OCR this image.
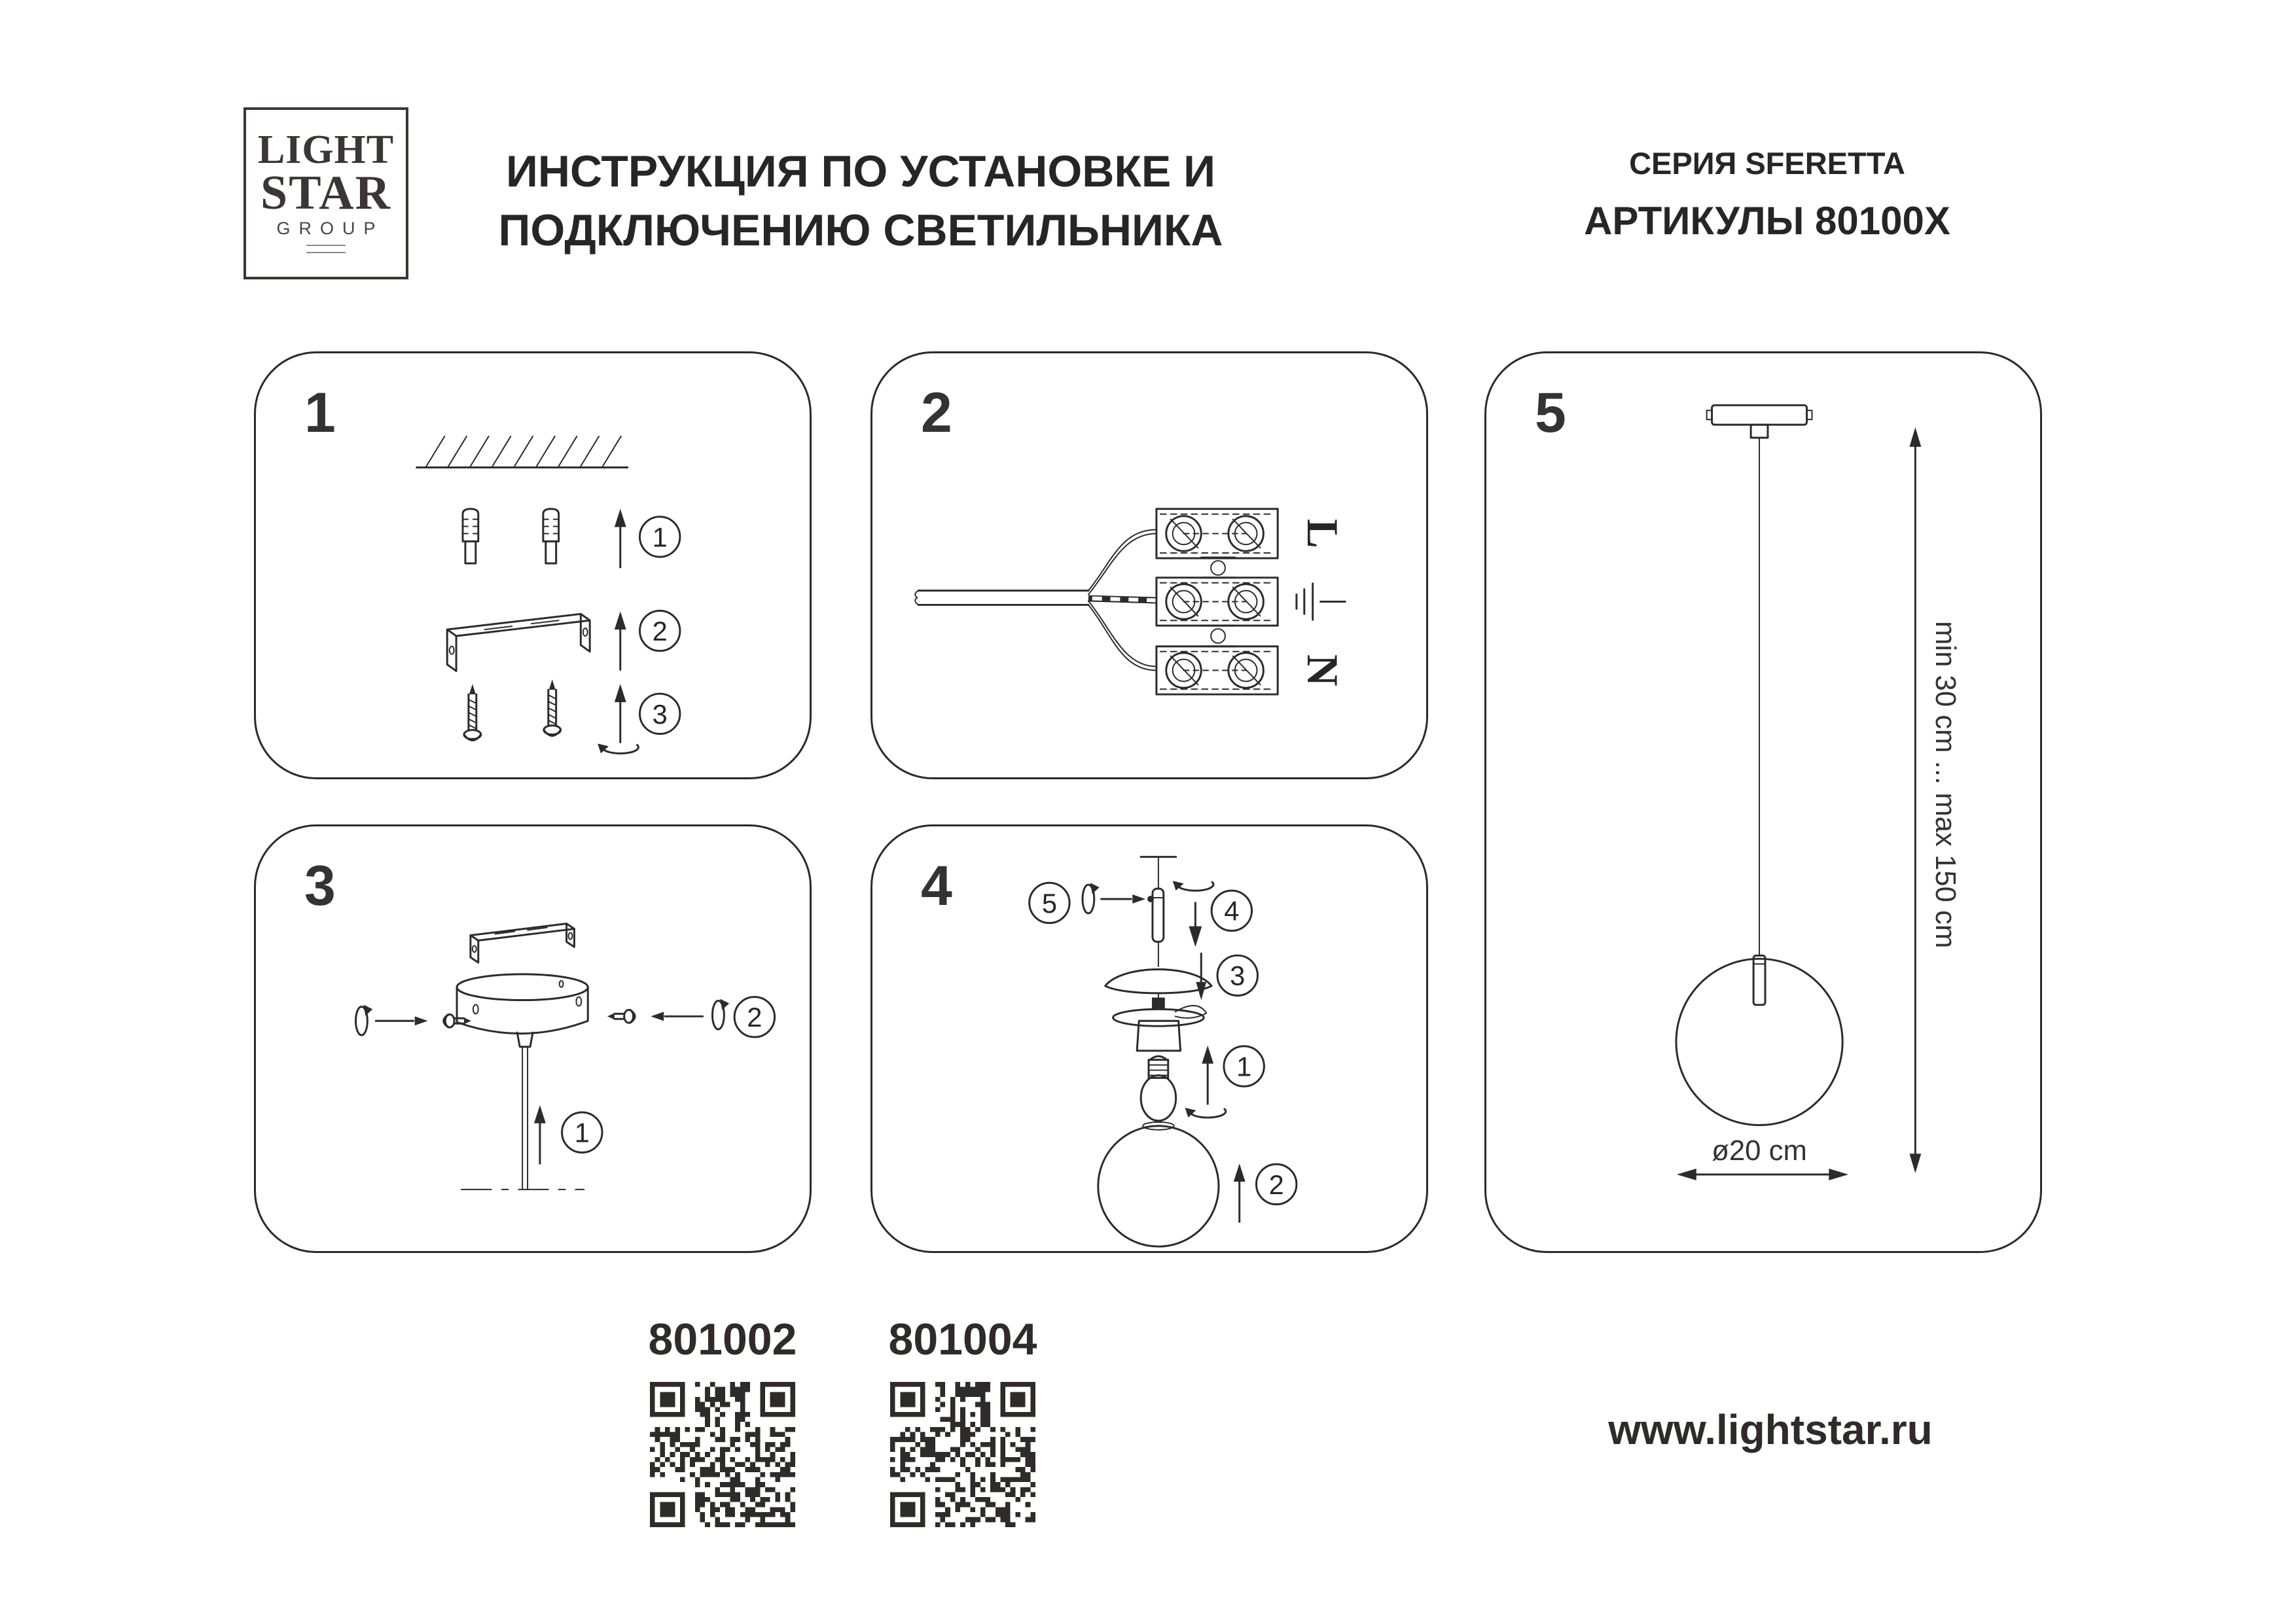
LIGHT
STAR
GROUP
ИНСТРУКЦИЯ ПО УСТАНОВКЕ И
ПОДКЛЮЧЕНИЮ СВЕТИЛЬНИКА
СЕРИЯ SFERETTA
АРТИКУЛЫ 80100X
1
1
2
3
2
L
N
3
2
1
4	5	4
3
1
2
5
min 30 cm ... max 150 cm
ø20 cm
801002 801004
www.lightstar.ru
